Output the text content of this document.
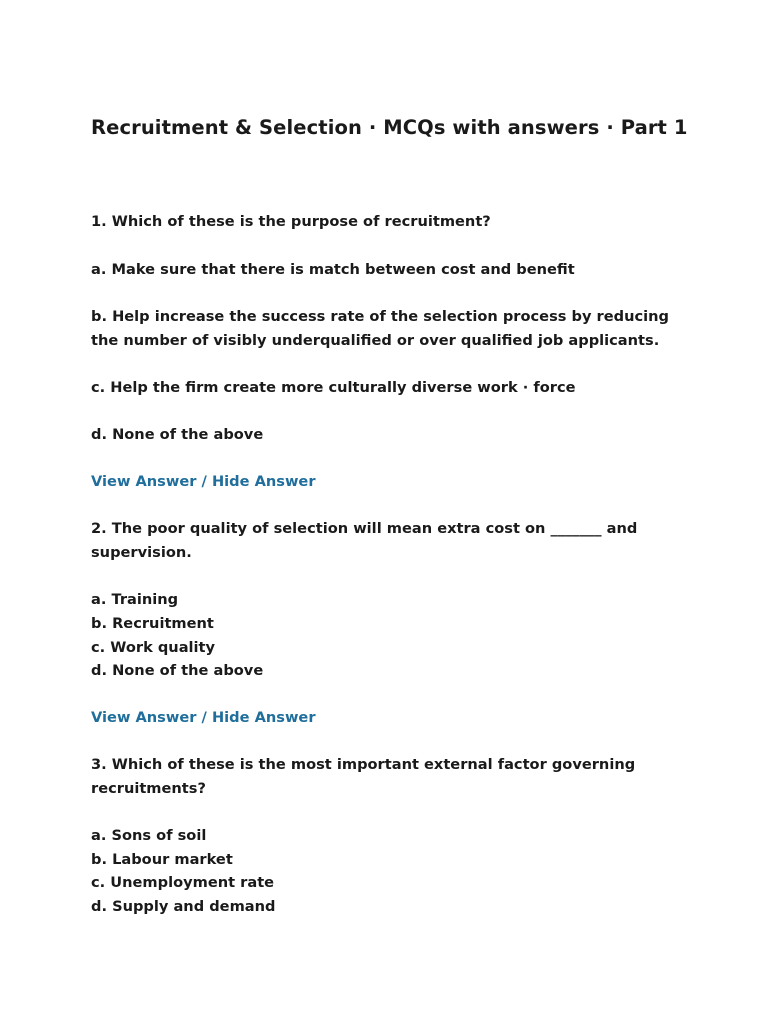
Recruitment & Selection · MCQs with answers · Part 1

1. Which of these is the purpose of recruitment?

a. Make sure that there is match between cost and benefit

b. Help increase the success rate of the selection process by reducing the number of visibly underqualified or over qualified job applicants.

c. Help the firm create more culturally diverse work · force

d. None of the above

View Answer / Hide Answer

2. The poor quality of selection will mean extra cost on _______ and supervision.

a. Training

b. Recruitment

c. Work quality

d. None of the above

View Answer / Hide Answer

3. Which of these is the most important external factor governing recruitments?

a. Sons of soil

b. Labour market

c. Unemployment rate

d. Supply and demand
